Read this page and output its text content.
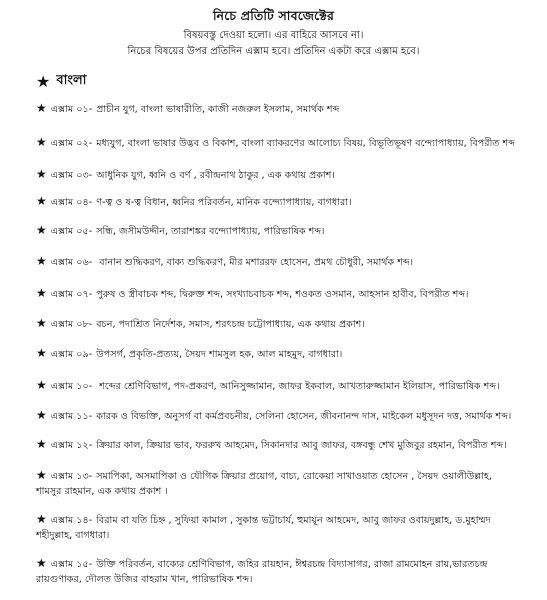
নিচে প্রতিটি সাবজেক্টের
বিষয়বস্তু দেওয়া হলো। এর বাহিরে আসবে না।
নিচের বিষয়ের উপর প্রতিদিন এক্সাম হবে। প্রতিদিন একটা করে এক্সাম হবে।
★ বাংলা
★ এক্সাম ০১- প্রাচীন যুগ, বাংলা ভাষারীতি, কাজী নজরুল ইসলাম, সমার্থক শব্দ
★ এক্সাম ০২- মধ্যযুগ, বাংলা ভাষার উদ্ভব ও বিকাশ, বাংলা ব্যাকরণের আলোচ্য বিষয়, বিভূতিভূষণ বন্দ্যোপাধ্যায়, বিপরীত শব্দ
★ এক্সাম ০৩- আধুনিক যুগ, ধ্বনি ও বর্ণ , রবীন্দ্রনাথ ঠাকুর , এক কথায় প্রকাশ।
★ এক্সাম ০৪- ণ-ত্ব ও ষ-ত্ব বিধান, ধ্বনির পরিবর্তন, মানিক বন্দ্যোপাধ্যায়, বাগধারা।
★ এক্সাম ০৫- সন্ধি, জসীমউদ্দীন, তারাশঙ্কর বন্দ্যোপাধ্যায়, পারিভাষিক শব্দ।
★ এক্সাম ০৬- বানান শুদ্ধিকরণ, বাক্য শুদ্ধিকরণ, মীর মশাররফ হোসেন, প্রমথ চৌধুরী, সমার্থক শব্দ।
★ এক্সাম ০৭- পুরুষ ও স্ত্রীবাচক শব্দ, দ্বিরুক্ত শব্দ, সংখ্যাচবাচক শব্দ, শওকত ওসমান, আহসান হাবীব, বিপরীত শব্দ।
★ এক্সাম ০৮- বচন, পদাশ্রিত নির্দেশক, সমাস, শরৎচন্দ্র চট্টোপাধ্যায়, এক কথায় প্রকাশ।
★ এক্সাম ০৯- উপসর্গ, প্রকৃতি-প্রত্যয়, সৈয়দ শামসুল হক, আল মাহমুদ, বাগধারা।
★ এক্সাম ১০- শব্দের শ্রেণিবিভাগ, পদ-প্রকরণ, আনিসুজ্জামান, জাফর ইকবাল, আখতারুজ্জামান ইলিয়াস, পারিভাষিক শব্দ।
★ এক্সাম ১১- কারক ও বিভক্তি, অনুসর্গ বা কর্মপ্রবচনীয়, সেলিনা হোসেন, জীবনানন্দ দাস, মাইকেল মধুসূদন দত্ত, সমার্থক শব্দ।
★ এক্সাম ১২- ক্রিয়ার কাল, ক্রিয়ার ভাব, ফররুখ আহমেদ, সিকানদার আবু জাফর, বঙ্গবন্ধু শেখ মুজিবুর রহমান, বিপরীত শব্দ।
★ এক্সাম ১৩- সমাপিকা, অসমাপিকা ও যৌগিক ক্রিয়ার প্রয়োগ, বাচ্য, রোকেয়া সাখাওয়াত হোসেন , সৈয়দ ওয়ালীউল্লাহ, শামসুর রাহমান, এক কথায় প্রকাশ ।
★ এক্সাম ১৪- বিরাম বা যতি চিহ্ন , সুফিয়া কামাল , সুকান্ত ভট্টাচার্য, হুমায়ূন আহমেদ, আবু জাফর ওবায়দুল্লাহ, ড.মুহাম্মদ শহীদুল্লাহ, বাগধারা।
★ এক্সাম ১৫- উক্তি পরিবর্তন, বাক্যের শ্রেণিবিভাগ, জহির রায়হান, ঈশ্বরচন্দ্র বিদ্যাসাগর, রাজা রামমোহন রায়,ভারতচন্দ্র রায়গুণাকর, দৌলত উজির বাহরাম খান, পারিভাষিক শব্দ।
